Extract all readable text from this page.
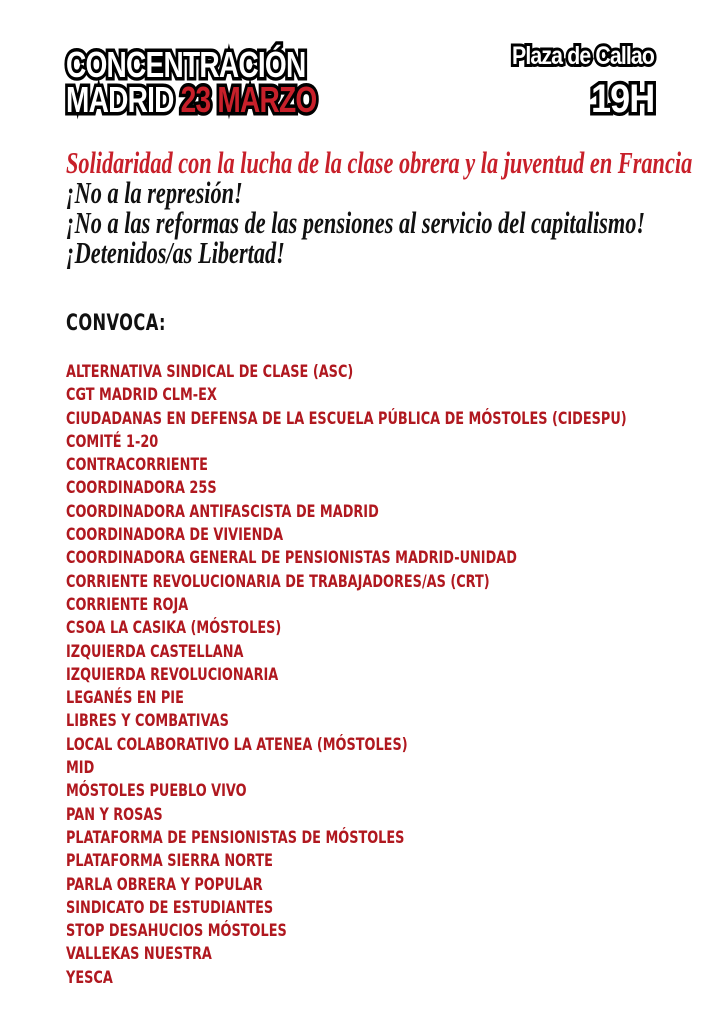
CONCENTRACIÓN
MADRID 23 MARZO
Plaza de Callao
19H
Solidaridad con la lucha de la clase obrera y la juventud en Francia
¡No a la represión!
¡No a las reformas de las pensiones al servicio del capitalismo!
¡Detenidos/as Libertad!
CONVOCA:
ALTERNATIVA SINDICAL DE CLASE (ASC)
CGT MADRID CLM-EX
CIUDADANAS EN DEFENSA DE LA ESCUELA PÚBLICA DE MÓSTOLES (CIDESPU)
COMITÉ 1-20
CONTRACORRIENTE
COORDINADORA 25S
COORDINADORA ANTIFASCISTA DE MADRID
COORDINADORA DE VIVIENDA
COORDINADORA GENERAL DE PENSIONISTAS MADRID-UNIDAD
CORRIENTE REVOLUCIONARIA DE TRABAJADORES/AS (CRT)
CORRIENTE ROJA
CSOA LA CASIKA (MÓSTOLES)
IZQUIERDA CASTELLANA
IZQUIERDA REVOLUCIONARIA
LEGANÉS EN PIE
LIBRES Y COMBATIVAS
LOCAL COLABORATIVO LA ATENEA (MÓSTOLES)
MID
MÓSTOLES PUEBLO VIVO
PAN Y ROSAS
PLATAFORMA DE PENSIONISTAS DE MÓSTOLES
PLATAFORMA SIERRA NORTE
PARLA OBRERA Y POPULAR
SINDICATO DE ESTUDIANTES
STOP DESAHUCIOS MÓSTOLES
VALLEKAS NUESTRA
YESCA
